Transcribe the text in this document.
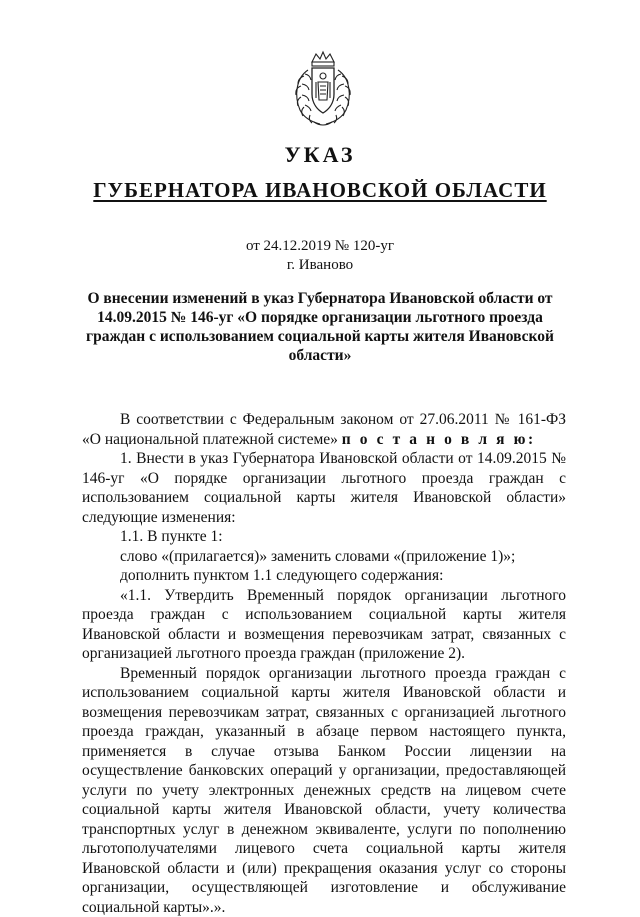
УКАЗ
ГУБЕРНАТОРА ИВАНОВСКОЙ ОБЛАСТИ
от 24.12.2019 № 120-уг
г. Иваново
О внесении изменений в указ Губернатора Ивановской области от 14.09.2015 № 146-уг «О порядке организации льготного проезда граждан с использованием социальной карты жителя Ивановской области»

В соответствии с Федеральным законом от 27.06.2011 № 161-ФЗ «О национальной платежной системе» п о с т а н о в л я ю:

1. Внести в указ Губернатора Ивановской области от 14.09.2015 № 146-уг «О порядке организации льготного проезда граждан с использованием социальной карты жителя Ивановской области» следующие изменения:

1.1. В пункте 1:

слово «(прилагается)» заменить словами «(приложение 1)»;

дополнить пунктом 1.1 следующего содержания:

«1.1. Утвердить Временный порядок организации льготного проезда граждан с использованием социальной карты жителя Ивановской области и возмещения перевозчикам затрат, связанных с организацией льготного проезда граждан (приложение 2).

Временный порядок организации льготного проезда граждан с использованием социальной карты жителя Ивановской области и возмещения перевозчикам затрат, связанных с организацией льготного проезда граждан, указанный в абзаце первом настоящего пункта, применяется в случае отзыва Банком России лицензии на осуществление банковских операций у организации, предоставляющей услуги по учету электронных денежных средств на лицевом счете социальной карты жителя Ивановской области, учету количества транспортных услуг в денежном эквиваленте, услуги по пополнению льготополучателями лицевого счета социальной карты жителя Ивановской области и (или) прекращения оказания услуг со стороны организации, осуществляющей изготовление и обслуживание социальной карты».».
